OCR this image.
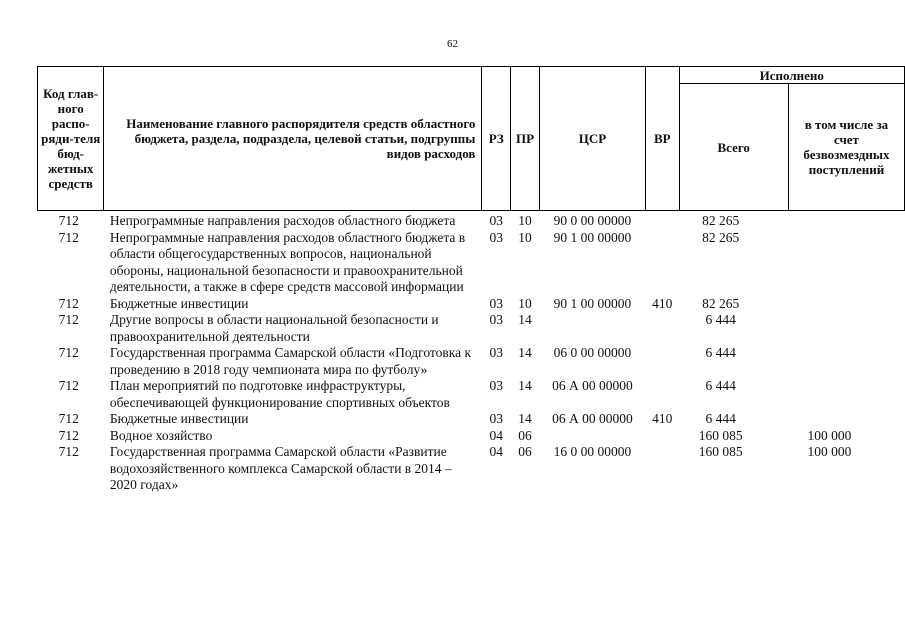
62
Код глав-ного распо-ряди-теля бюд-жетных средств	Наименование главного распорядителя средств областного бюджета, раздела, подраздела, целевой статьи, подгруппы видов расходов	РЗ	ПР	ЦСР	ВР	Исполнено	
						Всего	в том числе за счет безвозмездных поступлений
712	Непрограммные направления расходов областного бюджета	03	10	90 0 00 00000		82 265	
712	Непрограммные направления расходов областного бюджета в области общегосударственных вопросов, национальной обороны, национальной безопасности и правоохранительной деятельности, а также в сфере средств массовой информации	03	10	90 1 00 00000		82 265	
712	Бюджетные инвестиции	03	10	90 1 00 00000	410	82 265	
712	Другие вопросы в области национальной безопасности и правоохранительной деятельности	03	14			6 444	
712	Государственная программа Самарской области «Подготовка к проведению в 2018 году чемпионата мира по футболу»	03	14	06 0 00 00000		6 444	
712	План мероприятий по подготовке инфраструктуры, обеспечивающей функционирование спортивных объектов	03	14	06 А 00 00000		6 444	
712	Бюджетные инвестиции	03	14	06 А 00 00000	410	6 444	
712	Водное хозяйство	04	06			160 085	100 000
712	Государственная программа Самарской области «Развитие водохозяйственного комплекса Самарской области в 2014 – 2020 годах»	04	06	16 0 00 00000		160 085	100 000
